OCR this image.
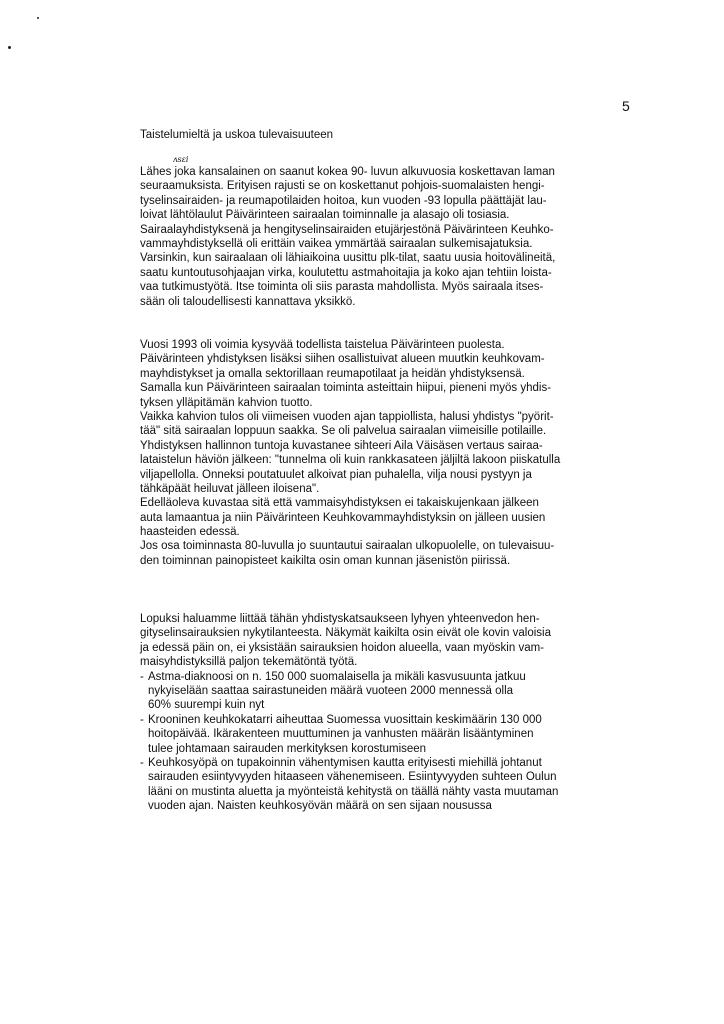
5
Taistelumieltä ja uskoa tulevaisuuteen
ʌsεi
Lähes joka kansalainen on saanut kokea 90- luvun alkuvuosia koskettavan laman
seuraamuksista. Erityisen rajusti se on koskettanut pohjois-suomalaisten hengi-
tyselinsairaiden- ja reumapotilaiden hoitoa, kun vuoden -93 lopulla päättäjät lau-
loivat lähtölaulut Päivärinteen sairaalan toiminnalle ja alasajo oli tosiasia.
Sairaalayhdistyksenä ja hengityselinsairaiden etujärjestönä Päivärinteen Keuhko-
vammayhdistyksellä oli erittäin vaikea ymmärtää sairaalan sulkemisajatuksia.
Varsinkin, kun sairaalaan oli lähiaikoina uusittu plk-tilat, saatu uusia hoitovälineitä,
saatu kuntoutusohjaajan virka, koulutettu astmahoitajia ja koko ajan tehtiin loista-
vaa tutkimustyötä. Itse toiminta oli siis parasta mahdollista. Myös sairaala itses-
sään oli taloudellisesti kannattava yksikkö.
Vuosi 1993 oli voimia kysyvää todellista taistelua Päivärinteen puolesta.
Päivärinteen yhdistyksen lisäksi siihen osallistuivat alueen muutkin keuhkovam-
mayhdistykset ja omalla sektorillaan reumapotilaat ja heidän yhdistyksensä.
Samalla kun Päivärinteen sairaalan toiminta asteittain hiipui, pieneni myös yhdis-
tyksen ylläpitämän kahvion tuotto.
Vaikka kahvion tulos oli viimeisen vuoden ajan tappiollista, halusi yhdistys "pyörit-
tää" sitä sairaalan loppuun saakka. Se oli palvelua sairaalan viimeisille potilaille.
Yhdistyksen hallinnon tuntoja kuvastanee sihteeri Aila Väisäsen vertaus sairaa-
lataistelun häviön jälkeen: "tunnelma oli kuin rankkasateen jäljiltä lakoon piiskatulla
viljapellolla. Onneksi poutatuulet alkoivat pian puhalella, vilja nousi pystyyn ja
tähkäpäät heiluvat jälleen iloisena".
Edelläoleva kuvastaa sitä että vammaisyhdistyksen ei takaiskujenkaan jälkeen
auta lamaantua ja niin Päivärinteen Keuhkovammayhdistyksin on jälleen uusien
haasteiden edessä.
Jos osa toiminnasta 80-luvulla jo suuntautui sairaalan ulkopuolelle, on tulevaisuu-
den toiminnan painopisteet kaikilta osin oman kunnan jäsenistön piirissä.
Lopuksi haluamme liittää tähän yhdistyskatsaukseen lyhyen yhteenvedon hen-
gityselinsairauksien nykytilanteesta. Näkymät kaikilta osin eivät ole kovin valoisia
ja edessä päin on, ei yksistään sairauksien hoidon alueella, vaan myöskin vam-
maisyhdistyksillä paljon tekemätöntä työtä.
- Astma-diaknoosi on n. 150 000 suomalaisella ja mikäli kasvusuunta jatkuu
nykyiselään saattaa sairastuneiden määrä vuoteen 2000 mennessä olla
60% suurempi kuin nyt
- Krooninen keuhkokatarri aiheuttaa Suomessa vuosittain keskimäärin 130 000
hoitopäivää. Ikärakenteen muuttuminen ja vanhusten määrän lisääntyminen
tulee johtamaan sairauden merkityksen korostumiseen
- Keuhkosyöpä on tupakoinnin vähentymisen kautta erityisesti miehillä johtanut
sairauden esiintyvyyden hitaaseen vähenemiseen. Esiintyvyyden suhteen Oulun
lääni on mustinta aluetta ja myönteistä kehitystä on täällä nähty vasta muutaman
vuoden ajan. Naisten keuhkosyövän määrä on sen sijaan nousussa
